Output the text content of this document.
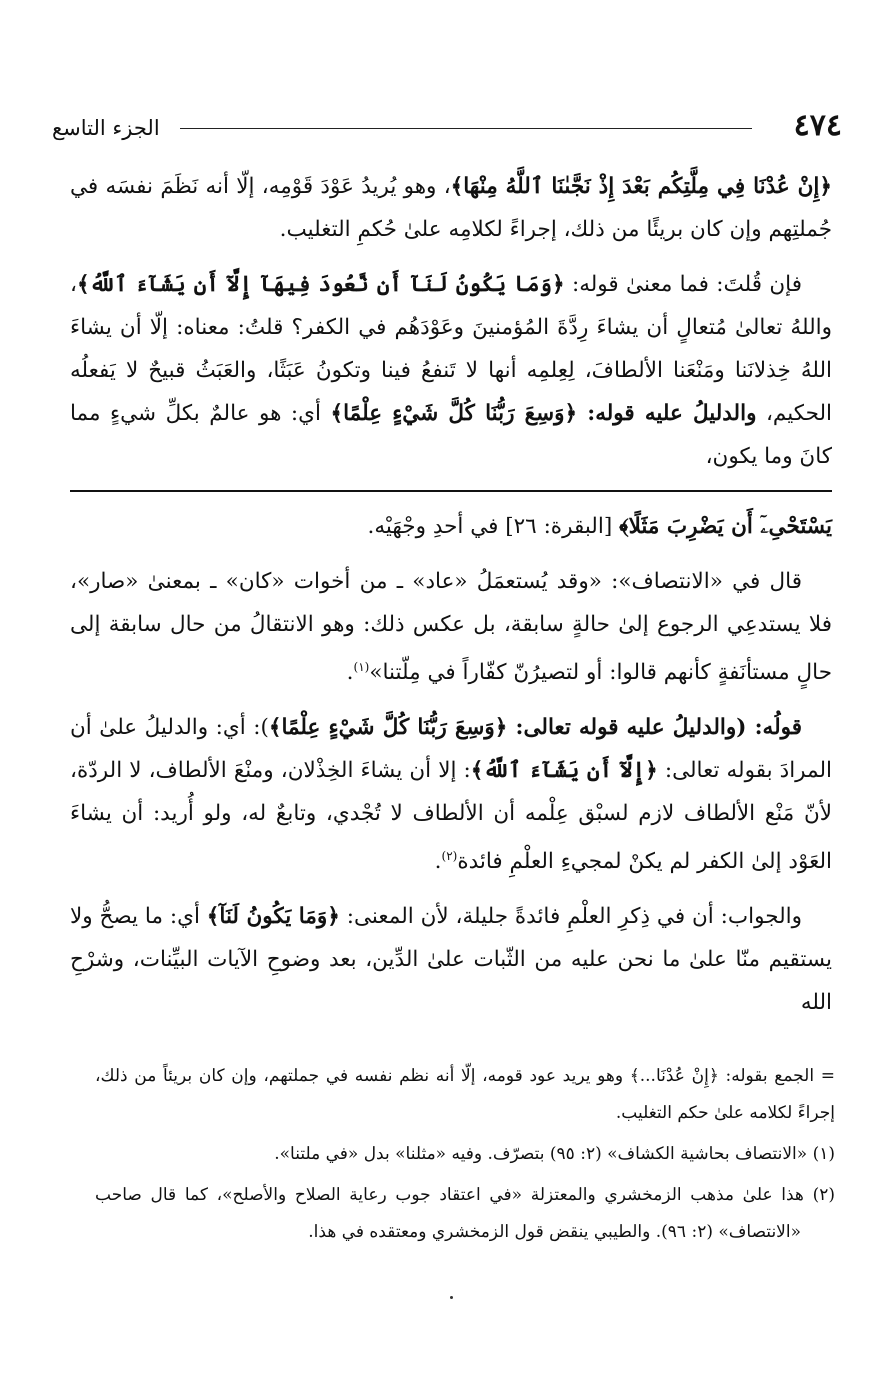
٤٧٤
الجزء التاسع

﴿إِنْ عُدْنَا فِي مِلَّتِكُم بَعْدَ إِذْ نَجَّىٰنَا ٱللَّهُ مِنْهَا﴾، وهو يُريدُ عَوْدَ قَوْمِه، إلّا أنه نَظَمَ نفسَه في جُملتِهم وإن كان بريئًا من ذلك، إجراءً لكلامِه علىٰ حُكمِ التغليب.

فإن قُلتَ: فما معنىٰ قوله: ﴿وَمَا يَكُونُ لَنَآ أَن نَّعُودَ فِيهَآ إِلَّآ أَن يَشَآءَ ٱللَّهُ﴾، واللهُ تعالىٰ مُتعالٍ أن يشاءَ رِدَّةَ المُؤمنينَ وعَوْدَهُم في الكفر؟ قلتُ: معناه: إلّا أن يشاءَ اللهُ خِذلانَنا ومَنْعَنا الألطافَ، لِعِلمِه أنها لا تَنفعُ فينا وتكونُ عَبَثًا، والعَبَثُ قبيحٌ لا يَفعلُه الحكيم، والدليلُ عليه قوله: ﴿وَسِعَ رَبُّنَا كُلَّ شَيْءٍ عِلْمًا﴾ أي: هو عالمٌ بكلِّ شيءٍ مما كانَ وما يكون،

يَسْتَحْىِۦٓ أَن يَضْرِبَ مَثَلًا﴾ [البقرة: ٢٦] في أحدِ وجْهَيْه.

قال في «الانتصاف»: «وقد يُستعمَلُ «عاد» ـ من أخوات «كان» ـ بمعنىٰ «صار»، فلا يستدعِي الرجوع إلىٰ حالةٍ سابقة، بل عكس ذلك: وهو الانتقالُ من حال سابقة إلى حالٍ مستأنَفةٍ كأنهم قالوا: أو لتصيرُنّ كفّاراً في مِلّتنا»$^{(١)}$.

قولُه: (والدليلُ عليه قوله تعالى: ﴿وَسِعَ رَبُّنَا كُلَّ شَيْءٍ عِلْمًا﴾): أي: والدليلُ علىٰ أن المرادَ بقوله تعالى: ﴿إِلَّآ أَن يَشَآءَ ٱللَّهُ﴾: إلا أن يشاءَ الخِذْلان، ومنْعَ الألطاف، لا الردّة، لأنّ مَنْع الألطاف لازم لسبْق عِلْمه أن الألطاف لا تُجْدي، وتابعٌ له، ولو أُريد: أن يشاءَ العَوْد إلىٰ الكفر لم يكنْ لمجيءِ العلْمِ فائدة$^{(٢)}$.

والجواب: أن في ذِكرِ العلْمِ فائدةً جليلة، لأن المعنى: ﴿وَمَا يَكُونُ لَنَآ﴾ أي: ما يصحُّ ولا يستقيم منّا علىٰ ما نحن عليه من الثّبات علىٰ الدِّين، بعد وضوحِ الآيات البيِّنات، وشرْحِ الله

= الجمع بقوله: ﴿إِنْ عُدْنَا...﴾ وهو يريد عود قومه، إلّا أنه نظم نفسه في جملتهم، وإن كان بريئاً من ذلك، إجراءً لكلامه علىٰ حكم التغليب.

(١) «الانتصاف بحاشية الكشاف» (٢: ٩٥) بتصرّف. وفيه «مثلنا» بدل «في ملتنا».

(٢) هذا علىٰ مذهب الزمخشري والمعتزلة «في اعتقاد جوب رعاية الصلاح والأصلح»، كما قال صاحب «الانتصاف» (٢: ٩٦). والطيبي ينقض قول الزمخشري ومعتقده في هذا.
